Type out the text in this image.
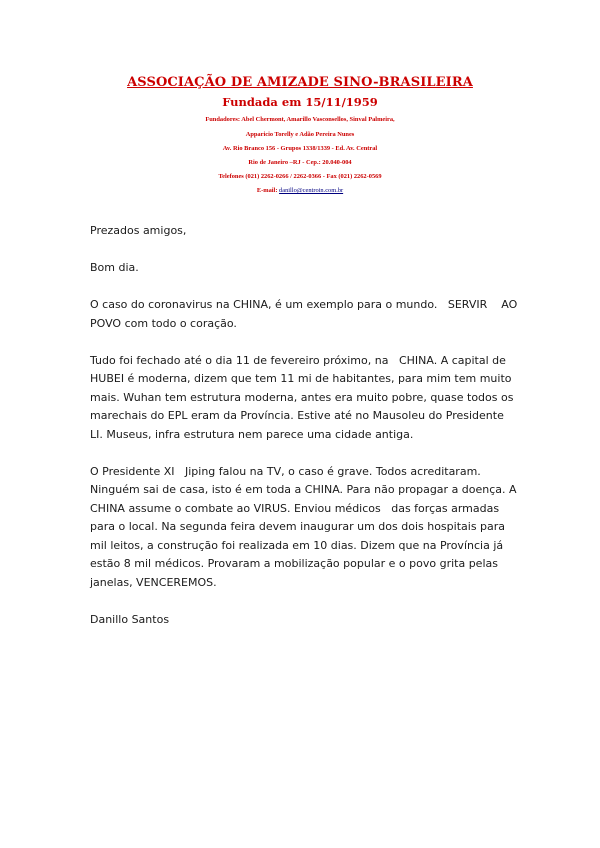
ASSOCIAÇÃO DE AMIZADE SINO-BRASILEIRA
Fundada em 15/11/1959
Fundadores: Abel Chermont, Amarillo Vasconsellos, Sinval Palmeira,
Apparicio Torelly e Adão Pereira Nunes
Av. Rio Branco 156 - Grupos 1338/1339 - Ed. Av. Central
Rio de Janeiro –RJ - Cep.: 20.040-004
Telefones (021) 2262-0266 / 2262-0366 - Fax (021) 2262-0569
E-mail: danillo@centroin.com.br

Prezados amigos,

Bom dia.

O caso do coronavirus na CHINA, é um exemplo para o mundo.   SERVIR    AO    POVO com todo o coração.

Tudo foi fechado até o dia 11 de fevereiro próximo, na   CHINA. A capital de HUBEI é moderna, dizem que tem 11 mi de habitantes, para mim tem muito mais. Wuhan tem estrutura moderna, antes era muito pobre, quase todos os marechais do EPL eram da Província. Estive até no Mausoleu do Presidente LI. Museus, infra estrutura nem parece uma cidade antiga.

O Presidente XI   Jiping falou na TV, o caso é grave. Todos acreditaram. Ninguém sai de casa, isto é em toda a CHINA. Para não propagar a doença. A CHINA assume o combate ao VIRUS. Enviou médicos   das forças armadas para o local. Na segunda feira devem inaugurar um dos dois hospitais para mil leitos, a construção foi realizada em 10 dias. Dizem que na Província já estão 8 mil médicos. Provaram a mobilização popular e o povo grita pelas janelas, VENCEREMOS.

Danillo Santos
